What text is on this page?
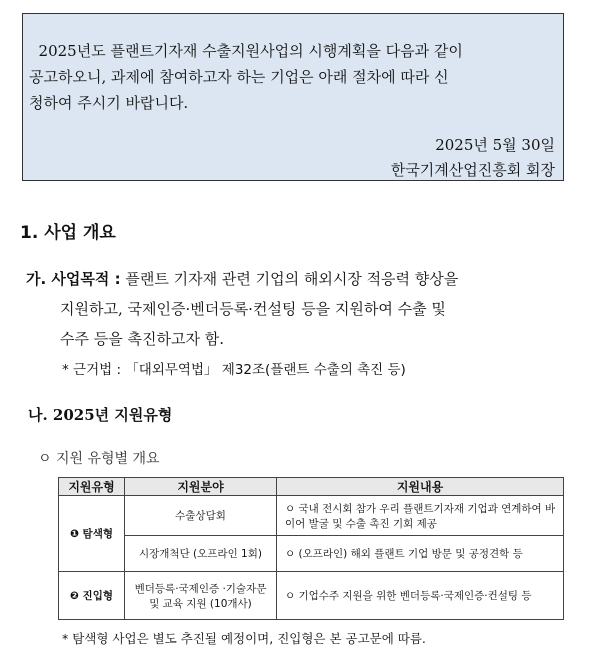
2025년도 플랜트기자재 수출지원사업의 시행계획을 다음과 같이
공고하오니, 과제에 참여하고자 하는 기업은 아래 절차에 따라 신
청하여 주시기 바랍니다.
2025년 5월 30일
한국기계산업진흥회 회장
1. 사업 개요
가. 사업목적 : 플랜트 기자재 관련 기업의 해외시장 적응력 향상을
지원하고, 국제인증·벤더등록·컨설팅 등을 지원하여 수출 및
수주 등을 촉진하고자 함.
* 근거법 : 「대외무역법」 제32조(플랜트 수출의 촉진 등)
나. 2025년 지원유형
ㅇ 지원 유형별 개요
지원유형	지원분야	지원내용
❶ 탐색형	수출상담회	ㅇ 국내 전시회 참가 우리 플랜트기자재 기업과 연계하여 바이어 발굴 및 수출 촉진 기회 제공
	시장개척단 (오프라인 1회)	ㅇ (오프라인) 해외 플랜트 기업 방문 및 공정견학 등
❷ 진입형	벤더등록·국제인증 ·기술자문 및 교육 지원 (10개사)	ㅇ 기업수주 지원을 위한 벤더등록·국제인증·컨설팅 등
* 탐색형 사업은 별도 추진될 예정이며, 진입형은 본 공고문에 따름.
